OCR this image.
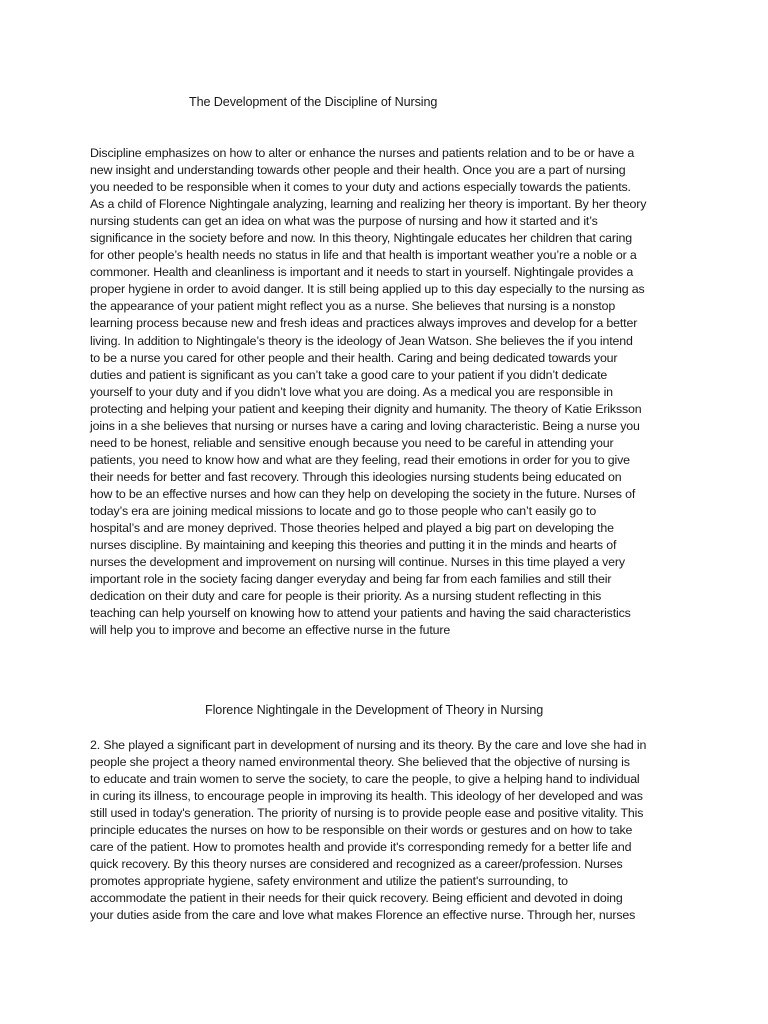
The Development of the Discipline of Nursing
Discipline emphasizes on how to alter or enhance the nurses and patients relation and to be or have a
new insight and understanding towards other people and their health. Once you are a part of nursing
you needed to be responsible when it comes to your duty and actions especially towards the patients.
As a child of Florence Nightingale analyzing, learning and realizing her theory is important. By her theory
nursing students can get an idea on what was the purpose of nursing and how it started and it’s
significance in the society before and now. In this theory, Nightingale educates her children that caring
for other people’s health needs no status in life and that health is important weather you’re a noble or a
commoner. Health and cleanliness is important and it needs to start in yourself. Nightingale provides a
proper hygiene in order to avoid danger. It is still being applied up to this day especially to the nursing as
the appearance of your patient might reflect you as a nurse. She believes that nursing is a nonstop
learning process because new and fresh ideas and practices always improves and develop for a better
living. In addition to Nightingale’s theory is the ideology of Jean Watson. She believes the if you intend
to be a nurse you cared for other people and their health. Caring and being dedicated towards your
duties and patient is significant as you can’t take a good care to your patient if you didn’t dedicate
yourself to your duty and if you didn’t love what you are doing. As a medical you are responsible in
protecting and helping your patient and keeping their dignity and humanity. The theory of Katie Eriksson
joins in a she believes that nursing or nurses have a caring and loving characteristic. Being a nurse you
need to be honest, reliable and sensitive enough because you need to be careful in attending your
patients, you need to know how and what are they feeling, read their emotions in order for you to give
their needs for better and fast recovery. Through this ideologies nursing students being educated on
how to be an effective nurses and how can they help on developing the society in the future. Nurses of
today’s era are joining medical missions to locate and go to those people who can’t easily go to
hospital’s and are money deprived. Those theories helped and played a big part on developing the
nurses discipline. By maintaining and keeping this theories and putting it in the minds and hearts of
nurses the development and improvement on nursing will continue. Nurses in this time played a very
important role in the society facing danger everyday and being far from each families and still their
dedication on their duty and care for people is their priority. As a nursing student reflecting in this
teaching can help yourself on knowing how to attend your patients and having the said characteristics
will help you to improve and become an effective nurse in the future
Florence Nightingale in the Development of Theory in Nursing
2. She played a significant part in development of nursing and its theory. By the care and love she had in
people she project a theory named environmental theory. She believed that the objective of nursing is
to educate and train women to serve the society, to care the people, to give a helping hand to individual
in curing its illness, to encourage people in improving its health. This ideology of her developed and was
still used in today's generation. The priority of nursing is to provide people ease and positive vitality. This
principle educates the nurses on how to be responsible on their words or gestures and on how to take
care of the patient. How to promotes health and provide it's corresponding remedy for a better life and
quick recovery. By this theory nurses are considered and recognized as a career/profession. Nurses
promotes appropriate hygiene, safety environment and utilize the patient's surrounding, to
accommodate the patient in their needs for their quick recovery. Being efficient and devoted in doing
your duties aside from the care and love what makes Florence an effective nurse. Through her, nurses
